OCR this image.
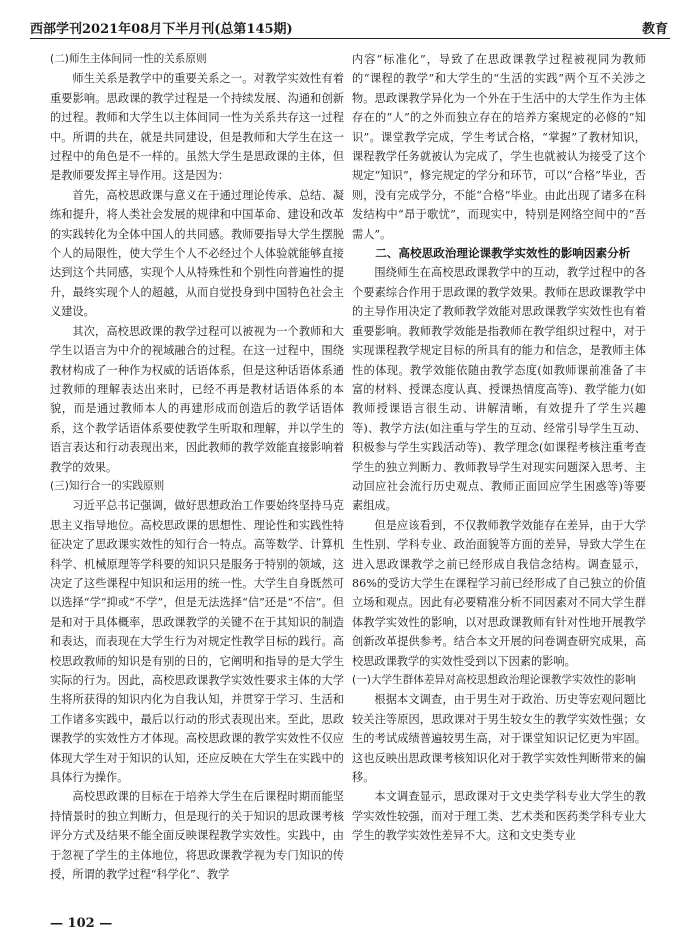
西部学刊2021年08月下半月刊(总第145期)	教育
(二)师生主体间同一性的关系原则

师生关系是教学中的重要关系之一。对教学实效性有着重要影响。思政课的教学过程是一个持续发展、沟通和创新的过程。教师和大学生以主体间同一性为关系共存这一过程中。所谓的共在，就是共同建设，但是教师和大学生在这一过程中的角色是不一样的。虽然大学生是思政课的主体，但是教师要发挥主导作用。这是因为：

首先，高校思政课与意义在于通过理论传承、总结、凝练和提升，将人类社会发展的规律和中国革命、建设和改革的实践转化为全体中国人的共同感。教师要指导大学生摆脱个人的局限性，使大学生个人不必经过个人体验就能够直接达到这个共同感，实现个人从特殊性和个别性向普遍性的提升，最终实现个人的超越，从而自觉投身到中国特色社会主义建设。

其次，高校思政课的教学过程可以被视为一个教师和大学生以语言为中介的视域融合的过程。在这一过程中，围绕教材构成了一种作为权威的话语体系，但是这种话语体系通过教师的理解表达出来时，已经不再是教材话语体系的本貌，而是通过教师本人的再建形成而创造后的教学话语体系，这个教学话语体系要使教学生听取和理解，并以学生的语言表达和行动表现出来，因此教师的教学效能直接影响着教学的效果。

(三)知行合一的实践原则

习近平总书记强调，做好思想政治工作要始终坚持马克思主义指导地位。高校思政课的思想性、理论性和实践性特征决定了思政课实效性的知行合一特点。高等数学、计算机科学、机械原理等学科要的知识只是服务于特别的领域，这决定了这些课程中知识和运用的统一性。大学生自身既然可以选择“学”抑或“不学”，但是无法选择“信”还是“不信”。但是和对于具体概率，思政课教学的关键不在于其知识的制造和表达，而表现在大学生行为对规定性教学目标的践行。高校思政教师的知识是有别的日的，它阐明和指导的是大学生实际的行为。因此，高校思政课教学实效性要求主体的大学生将所获得的知识内化为自我认知，并贯穿于学习、生活和工作诸多实践中，最后以行动的形式表现出来。至此，思政课教学的实效性方才体现。高校思政课的教学实效性不仅应体现大学生对于知识的认知，还应反映在大学生在实践中的具体行为操作。

高校思政课的目标在于培养大学生在后课程时期而能坚持情景时的独立判断力，但是现行的关于知识的思政课考核评分方式及结果不能全面反映课程教学实效性。实践中，由于忽视了学生的主体地位，将思政课教学视为专门知识的传授，所谓的教学过程“科学化”、教学

内容“标准化”，导致了在思政课教学过程被视同为教师的“课程的教学”和大学生的“生活的实践”两个互不关涉之物。思政课教学异化为一个外在于生活中的大学生作为主体存在的“人”的之外而独立存在的培养方案规定的必修的“知识”。课堂教学完成，学生考试合格，“掌握”了教材知识，课程教学任务就被认为完成了，学生也就被认为接受了这个规定“知识”，修完规定的学分和环节，可以“合格”毕业，否则，没有完成学分，不能“合格”毕业。由此出现了诸多在科发结构中“昂于歌忧”，而现实中，特别是网络空间中的“吾需人”。

二、高校思政治理论课教学实效性的影响因素分析

围绕师生在高校思政课教学中的互动，教学过程中的各个要素综合作用于思政课的教学效果。教师在思政课教学中的主导作用决定了教师教学效能对思政课教学实效性也有着重要影响。教师教学效能是指教师在教学组织过程中，对于实现课程教学规定目标的所具有的能力和信念，是教师主体性的体现。教学效能依随由教学态度(如教师课前准备了丰富的材料、授课态度认真、授课热情度高等)、教学能力(如教师授课语言很生动、讲解清晰，有效提升了学生兴趣等)、教学方法(如注重与学生的互动、经常引导学生互动、积极参与学生实践活动等)、教学理念(如课程考核注重考查学生的独立判断力、教师教导学生对现实问题深入思考、主动回应社会流行历史观点、教师正面回应学生困惑等)等要素组成。

但是应该看到，不仅教师教学效能存在差异，由于大学生性别、学科专业、政治面貌等方面的差异，导致大学生在进入思政课教学之前已经形成自我信念结构。调查显示，86%的受访大学生在课程学习前已经形成了自己独立的价值立场和观点。因此有必要精准分析不同因素对不同大学生群体教学实效性的影响，以对思政课教师有针对性地开展教学创新改革提供参考。结合本文开展的问卷调查研究成果，高校思政课教学的实效性受到以下因素的影响。

(一)大学生群体差异对高校思想政治理论课教学实效性的影响

根据本文调查，由于男生对于政治、历史等宏观问题比较关注等原因，思政课对于男生较女生的教学实效性强；女生的考试成绩普遍较男生高，对于课堂知识记忆更为牢固。这也反映出思政课考核知识化对于教学实效性判断带来的偏移。

本文调查显示，思政课对于文史类学科专业大学生的教学实效性较强，而对于理工类、艺术类和医药类学科专业大学生的教学实效性差异不大。这和文史类专业

— 102 —
